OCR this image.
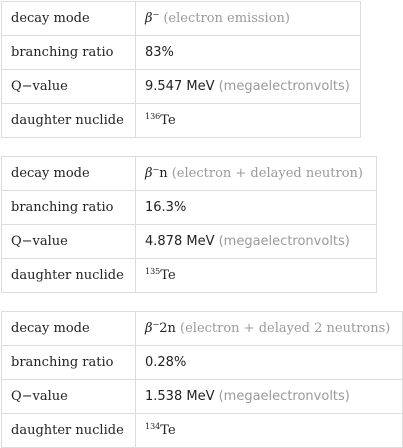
decay mode	β− (electron emission)
branching ratio	83%
Q−value	9.547 MeV (megaelectronvolts)
daughter nuclide	$^{136}$Te
decay mode	β−n (electron + delayed neutron)
branching ratio	16.3%
Q−value	4.878 MeV (megaelectronvolts)
daughter nuclide	$^{135}$Te
decay mode	β−2n (electron + delayed 2 neutrons)
branching ratio	0.28%
Q−value	1.538 MeV (megaelectronvolts)
daughter nuclide	$^{134}$Te
